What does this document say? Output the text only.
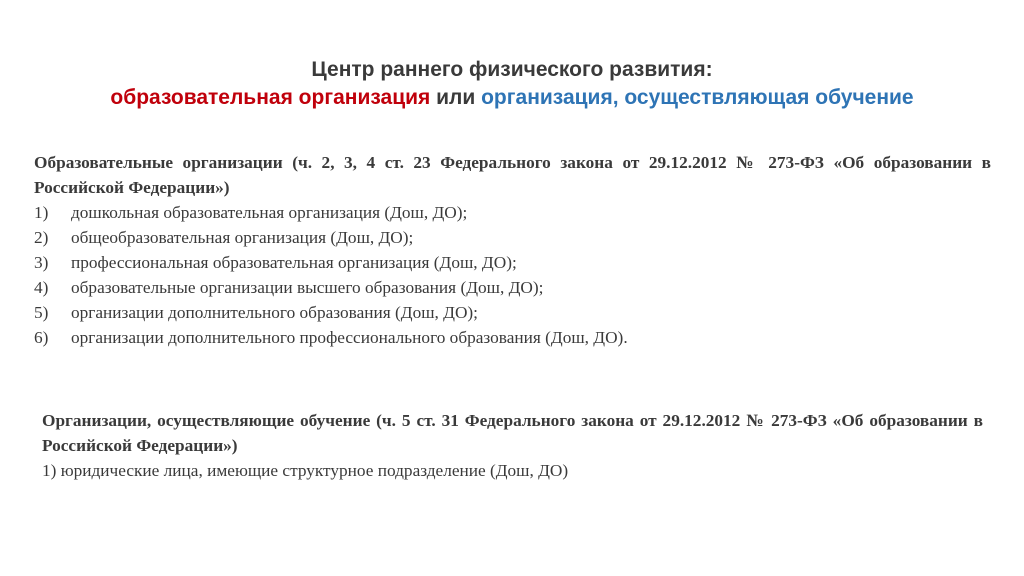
Центр раннего физического развития:
образовательная организация или организация, осуществляющая обучение
Образовательные организации (ч. 2, 3, 4 ст. 23 Федерального закона от 29.12.2012 № 273-ФЗ «Об образовании в Российской Федерации»)
1)	дошкольная образовательная организация (Дош, ДО);
2)	общеобразовательная организация (Дош, ДО);
3)	профессиональная образовательная организация (Дош, ДО);
4)	образовательные организации высшего образования (Дош, ДО);
5)	организации дополнительного образования (Дош, ДО);
6)	организации дополнительного профессионального образования (Дош, ДО).
Организации, осуществляющие обучение (ч. 5 ст. 31 Федерального закона от 29.12.2012 № 273-ФЗ «Об образовании в Российской Федерации»)
1) юридические лица, имеющие структурное подразделение (Дош, ДО)
